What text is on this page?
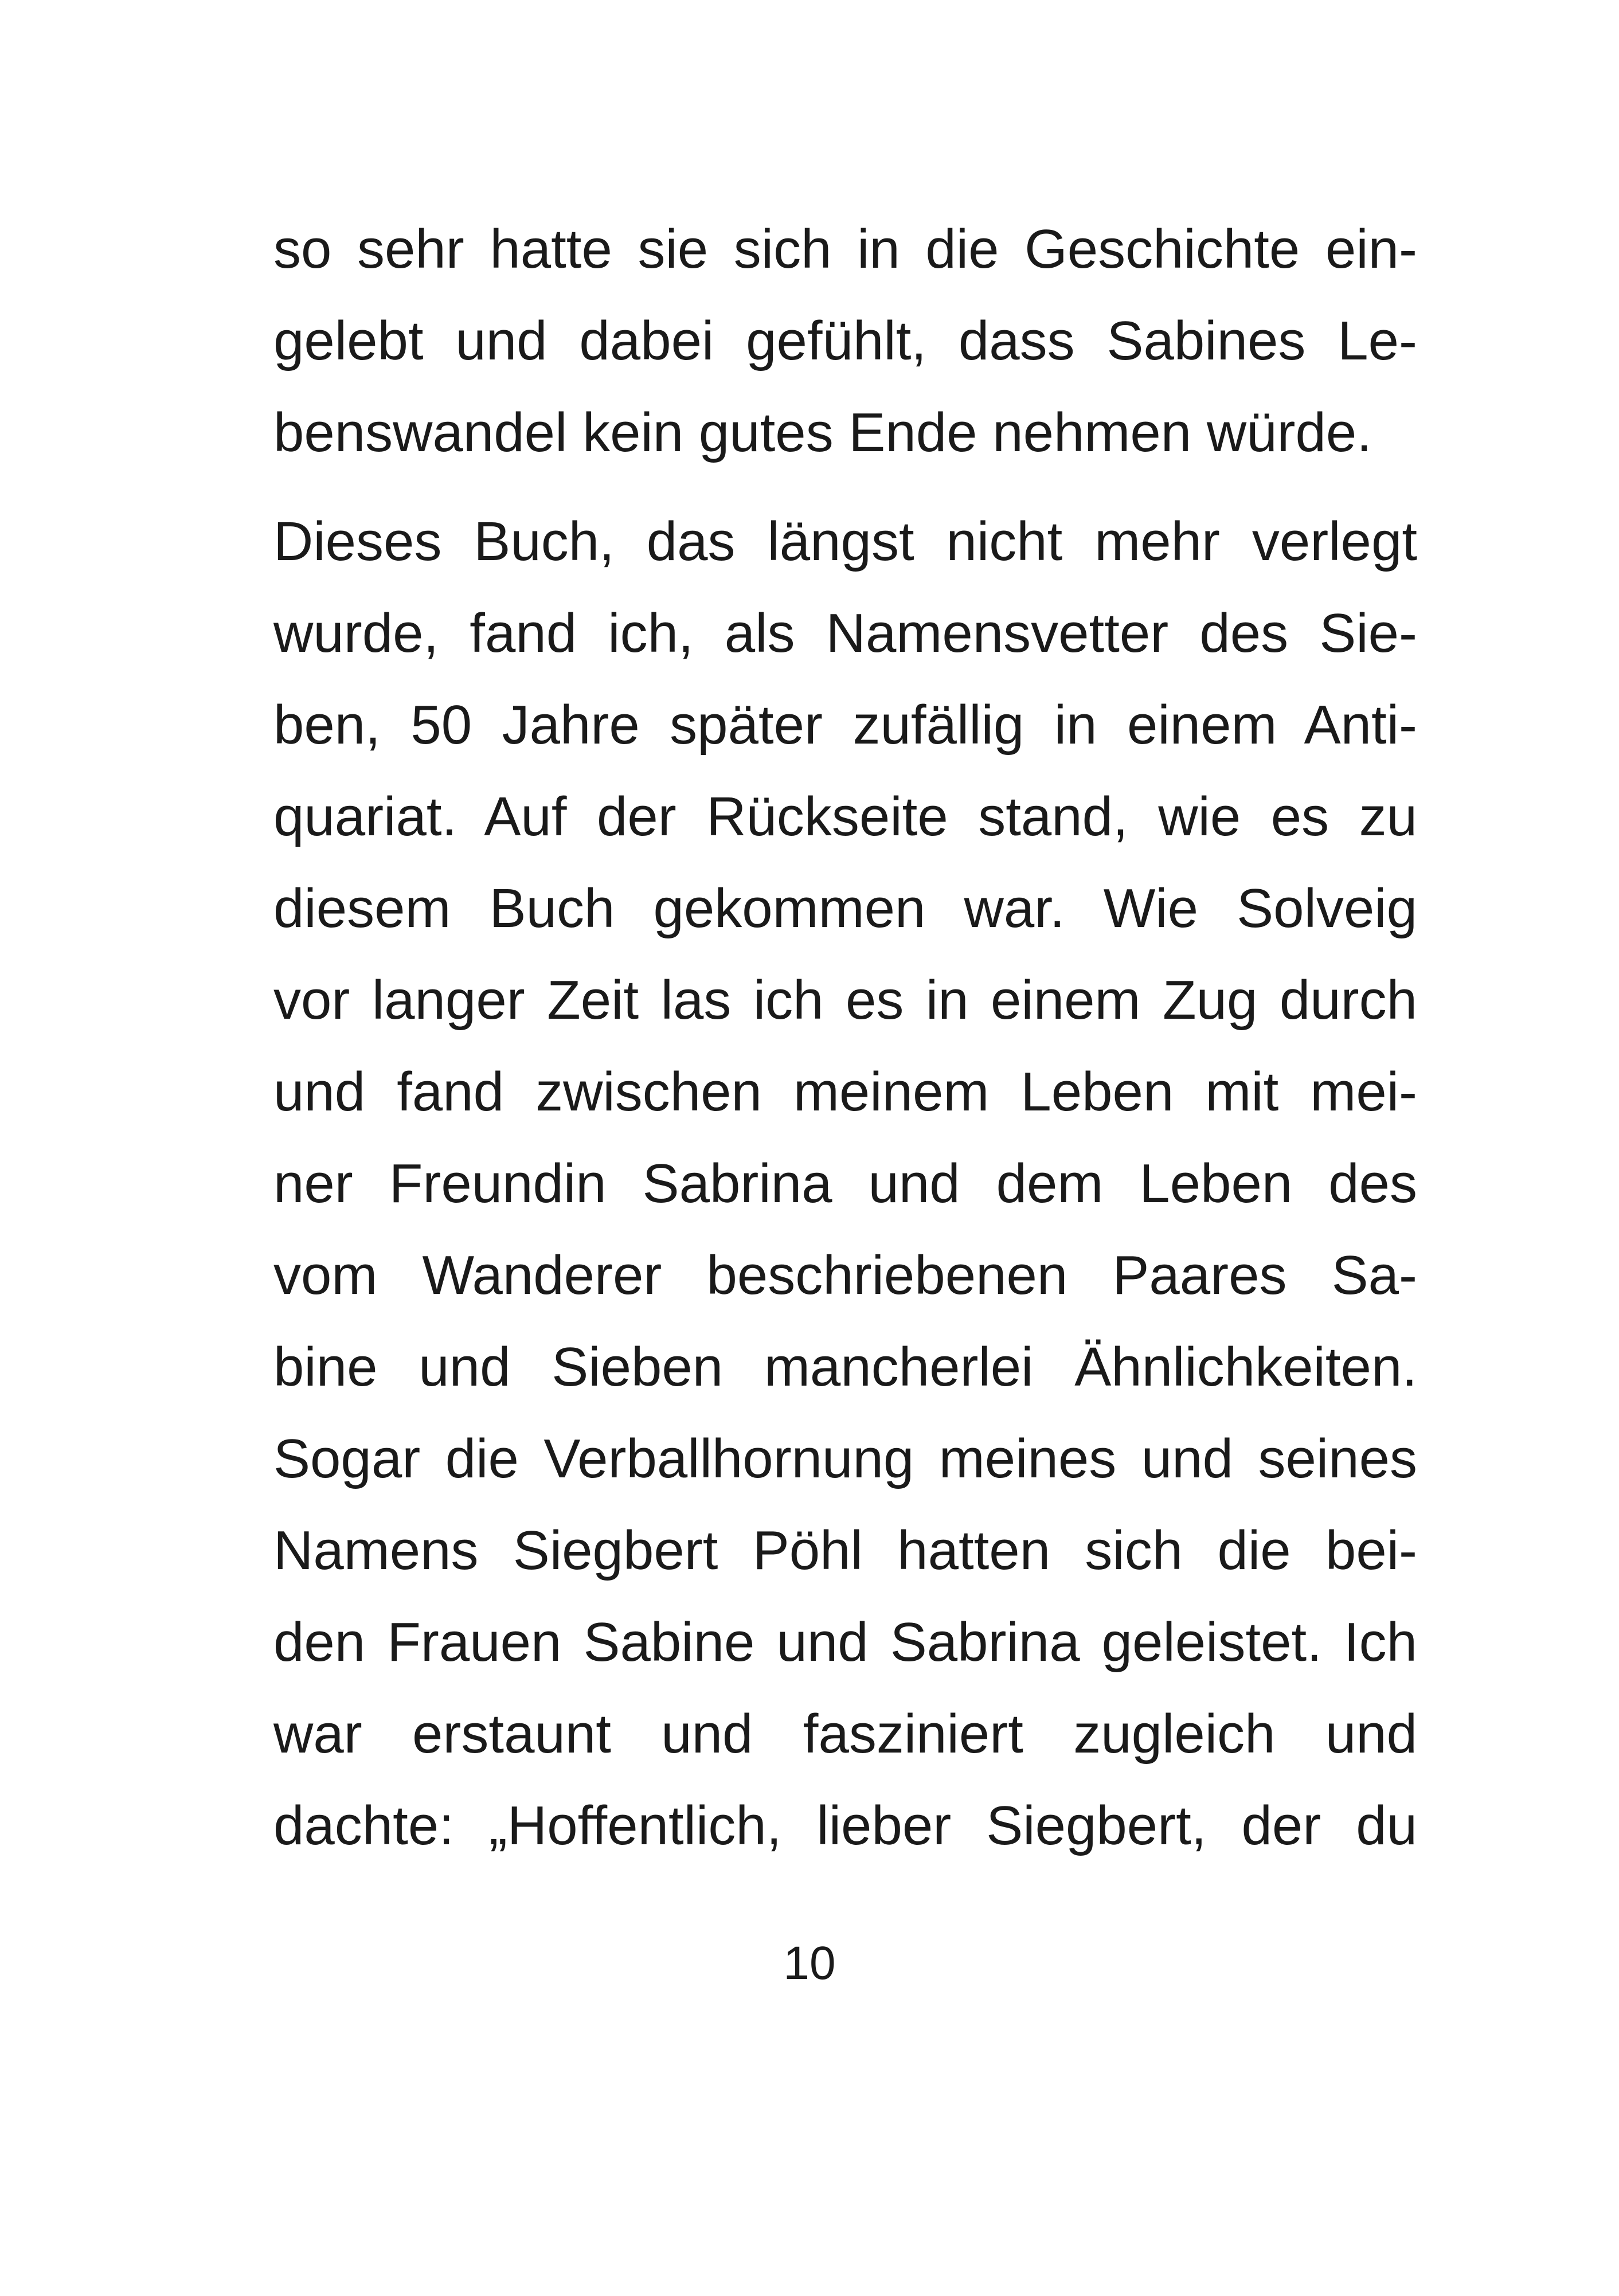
so sehr hatte sie sich in die Geschichte ein-
gelebt und dabei gefühlt, dass Sabines Le-
benswandel kein gutes Ende nehmen würde.
Dieses Buch, das längst nicht mehr verlegt
wurde, fand ich, als Namensvetter des Sie-
ben, 50 Jahre später zufällig in einem Anti-
quariat. Auf der Rückseite stand, wie es zu
diesem Buch gekommen war. Wie Solveig
vor langer Zeit las ich es in einem Zug durch
und fand zwischen meinem Leben mit mei-
ner Freundin Sabrina und dem Leben des
vom Wanderer beschriebenen Paares Sa-
bine und Sieben mancherlei Ähnlichkeiten.
Sogar die Verballhornung meines und seines
Namens Siegbert Pöhl hatten sich die bei-
den Frauen Sabine und Sabrina geleistet. Ich
war erstaunt und fasziniert zugleich und
dachte: „Hoffentlich, lieber Siegbert, der du
10
